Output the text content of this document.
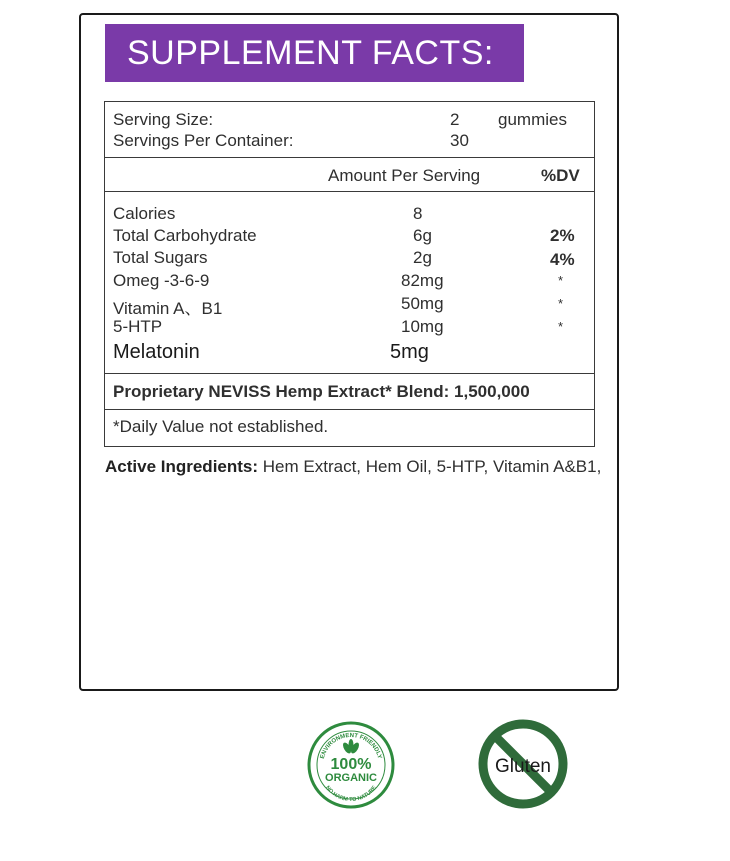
SUPPLEMENT FACTS:
Serving Size:	2 gummies
Servings Per Container:	30
Amount Per Serving	%DV
Calories	8
Total Carbohydrate	6g	2%
Total Sugars	2g	4%
Omeg -3-6-9	82mg	*
Vitamin A、B1	50mg	*
5-HTP	10mg	*
Melatonin	5mg
Proprietary NEVISS Hemp Extract* Blend: 1,500,000
*Daily Value not established.
Active Ingredients: Hem Extract, Hem Oil, 5-HTP, Vitamin A&B1,
ENVIRONMENT FRIENDLY
100%
ORGANIC
NO HARM TO NATURE
Gluten
